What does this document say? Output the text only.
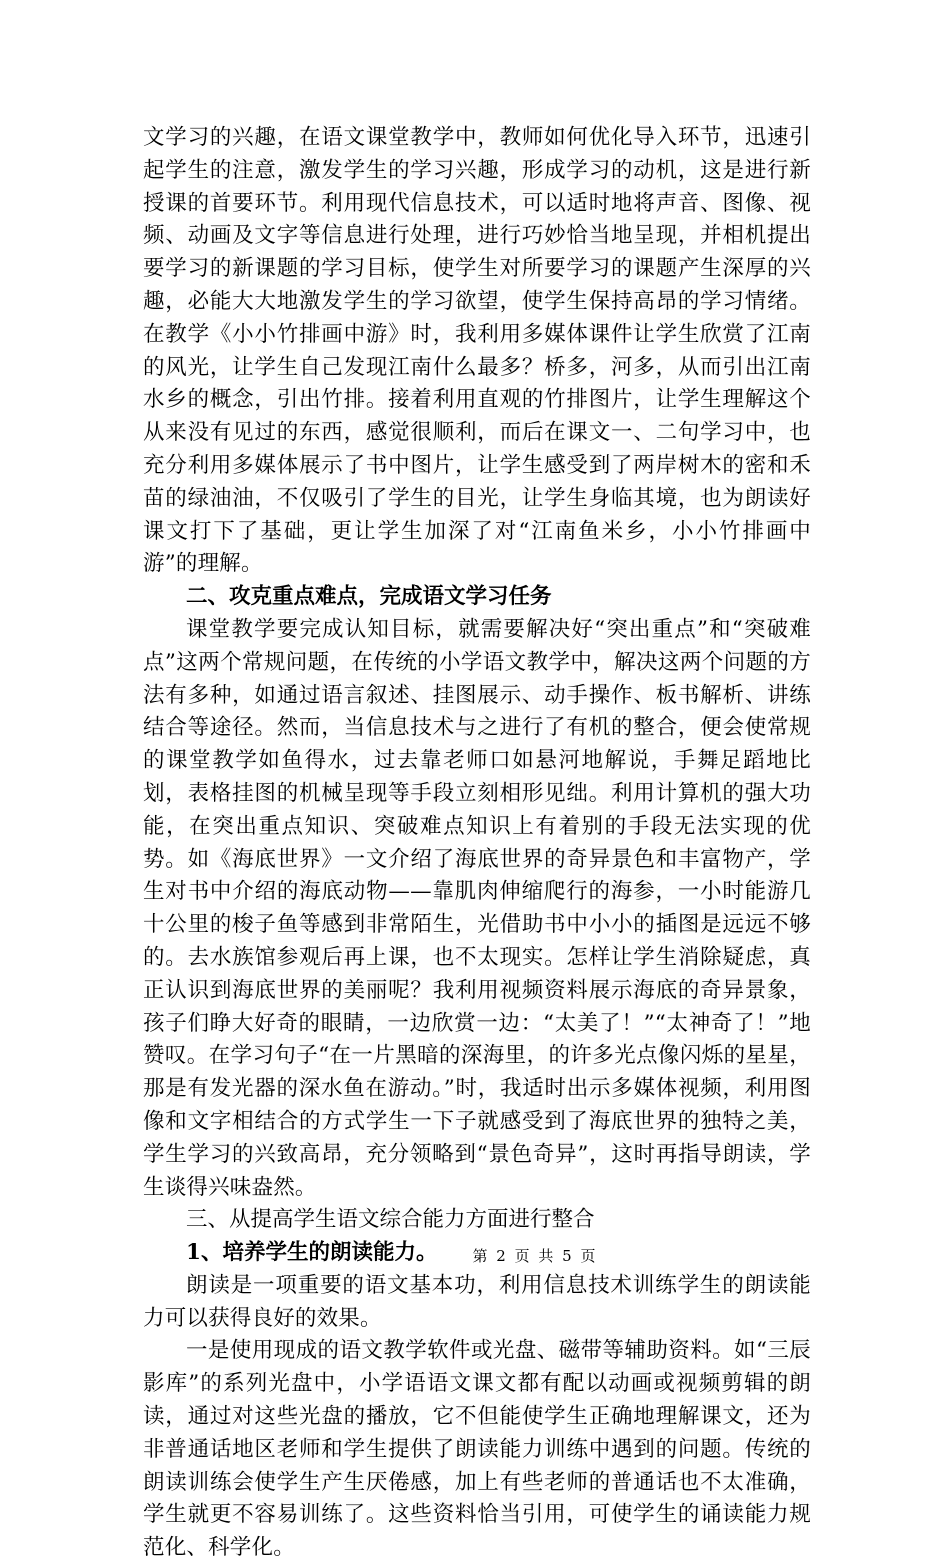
文学习的兴趣，在语文课堂教学中，教师如何优化导入环节，迅速引起学生的注意，激发学生的学习兴趣，形成学习的动机，这是进行新授课的首要环节。利用现代信息技术，可以适时地将声音、图像、视频、动画及文字等信息进行处理，进行巧妙恰当地呈现，并相机提出要学习的新课题的学习目标，使学生对所要学习的课题产生深厚的兴趣，必能大大地激发学生的学习欲望，使学生保持高昂的学习情绪。在教学《小小竹排画中游》时，我利用多媒体课件让学生欣赏了江南的风光，让学生自己发现江南什么最多？桥多，河多，从而引出江南水乡的概念，引出竹排。接着利用直观的竹排图片，让学生理解这个从来没有见过的东西，感觉很顺利，而后在课文一、二句学习中，也充分利用多媒体展示了书中图片，让学生感受到了两岸树木的密和禾苗的绿油油，不仅吸引了学生的目光，让学生身临其境，也为朗读好课文打下了基础，更让学生加深了对“江南鱼米乡，小小竹排画中游”的理解。

二、攻克重点难点，完成语文学习任务

课堂教学要完成认知目标，就需要解决好“突出重点”和“突破难点”这两个常规问题，在传统的小学语文教学中，解决这两个问题的方法有多种，如通过语言叙述、挂图展示、动手操作、板书解析、讲练结合等途径。然而，当信息技术与之进行了有机的整合，便会使常规的课堂教学如鱼得水，过去靠老师口如悬河地解说，手舞足蹈地比划，表格挂图的机械呈现等手段立刻相形见绌。利用计算机的强大功能，在突出重点知识、突破难点知识上有着别的手段无法实现的优势。如《海底世界》一文介绍了海底世界的奇异景色和丰富物产，学生对书中介绍的海底动物——靠肌肉伸缩爬行的海参，一小时能游几十公里的梭子鱼等感到非常陌生，光借助书中小小的插图是远远不够的。去水族馆参观后再上课，也不太现实。怎样让学生消除疑虑，真正认识到海底世界的美丽呢？我利用视频资料展示海底的奇异景象，孩子们睁大好奇的眼睛，一边欣赏一边：“太美了！”“太神奇了！”地赞叹。在学习句子“在一片黑暗的深海里，的许多光点像闪烁的星星，那是有发光器的深水鱼在游动。”时，我适时出示多媒体视频，利用图像和文字相结合的方式学生一下子就感受到了海底世界的独特之美，学生学习的兴致高昂，充分领略到“景色奇异”，这时再指导朗读，学生谈得兴味盎然。

三、从提高学生语文综合能力方面进行整合

1、培养学生的朗读能力。

朗读是一项重要的语文基本功，利用信息技术训练学生的朗读能力可以获得良好的效果。

一是使用现成的语文教学软件或光盘、磁带等辅助资料。如“三辰影库”的系列光盘中，小学语语文课文都有配以动画或视频剪辑的朗读，通过对这些光盘的播放，它不但能使学生正确地理解课文，还为非普通话地区老师和学生提供了朗读能力训练中遇到的问题。传统的朗读训练会使学生产生厌倦感，加上有些老师的普通话也不太准确，学生就更不容易训练了。这些资料恰当引用，可使学生的诵读能力规范化、科学化。

第 2 页 共 5 页
